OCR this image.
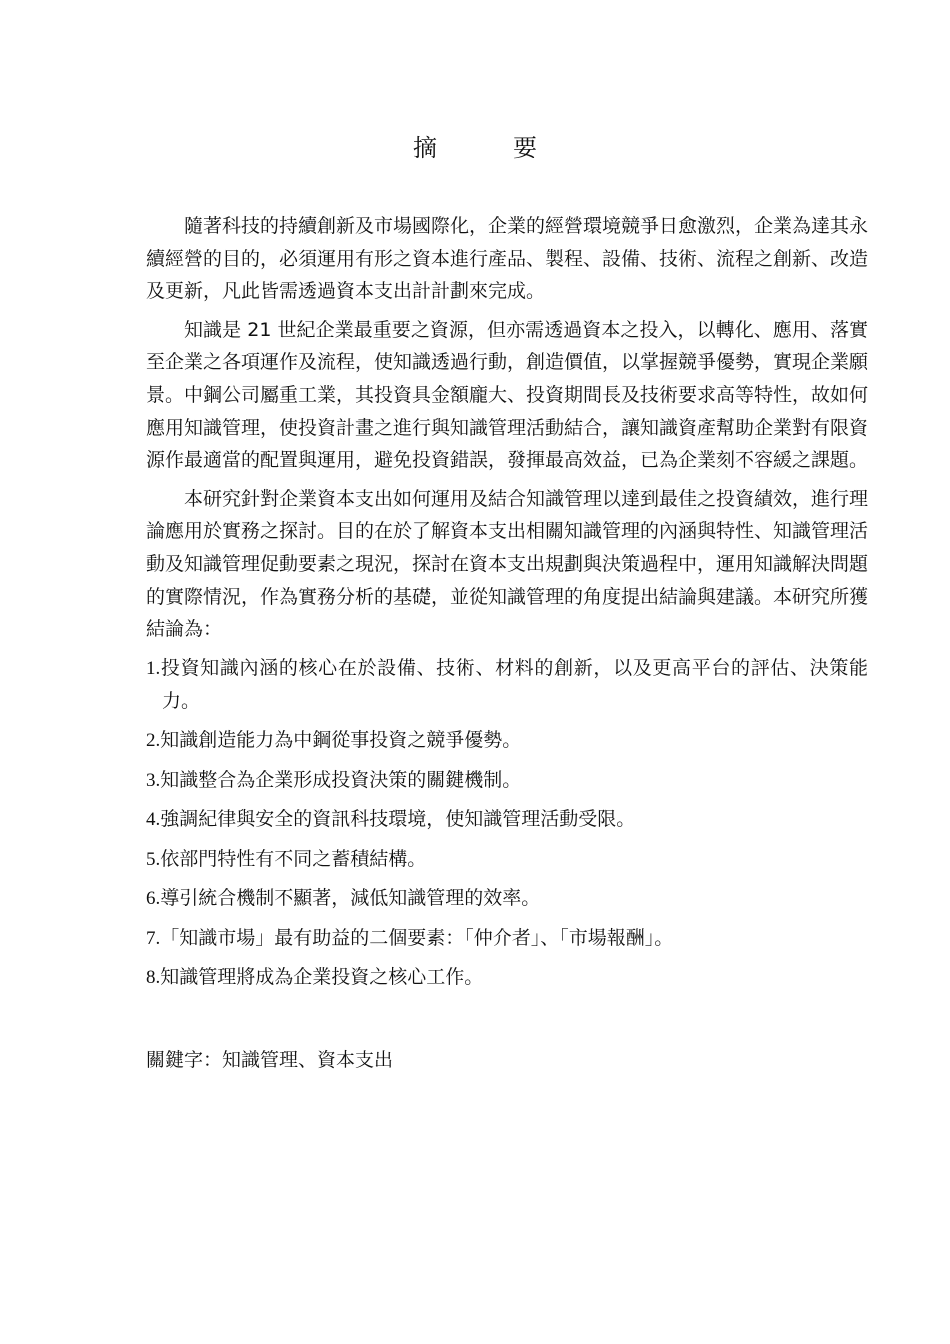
摘　要

隨著科技的持續創新及市場國際化，企業的經營環境競爭日愈激烈，企業為達其永續經營的目的，必須運用有形之資本進行產品、製程、設備、技術、流程之創新、改造及更新，凡此皆需透過資本支出計計劃來完成。

知識是 21 世紀企業最重要之資源，但亦需透過資本之投入，以轉化、應用、落實至企業之各項運作及流程，使知識透過行動，創造價值，以掌握競爭優勢，實現企業願景。中鋼公司屬重工業，其投資具金額龐大、投資期間長及技術要求高等特性，故如何應用知識管理，使投資計畫之進行與知識管理活動結合，讓知識資產幫助企業對有限資源作最適當的配置與運用，避免投資錯誤，發揮最高效益，已為企業刻不容緩之課題。

本研究針對企業資本支出如何運用及結合知識管理以達到最佳之投資績效，進行理論應用於實務之探討。目的在於了解資本支出相關知識管理的內涵與特性、知識管理活動及知識管理促動要素之現況，探討在資本支出規劃與決策過程中，運用知識解決問題的實際情況，作為實務分析的基礎，並從知識管理的角度提出結論與建議。本研究所獲結論為：

1.投資知識內涵的核心在於設備、技術、材料的創新，以及更高平台的評估、決策能力。
2.知識創造能力為中鋼從事投資之競爭優勢。
3.知識整合為企業形成投資決策的關鍵機制。
4.強調紀律與安全的資訊科技環境，使知識管理活動受限。
5.依部門特性有不同之蓄積結構。
6.導引統合機制不顯著，減低知識管理的效率。
7.「知識市場」最有助益的二個要素：「仲介者」、「市場報酬」。
8.知識管理將成為企業投資之核心工作。
關鍵字：知識管理、資本支出
